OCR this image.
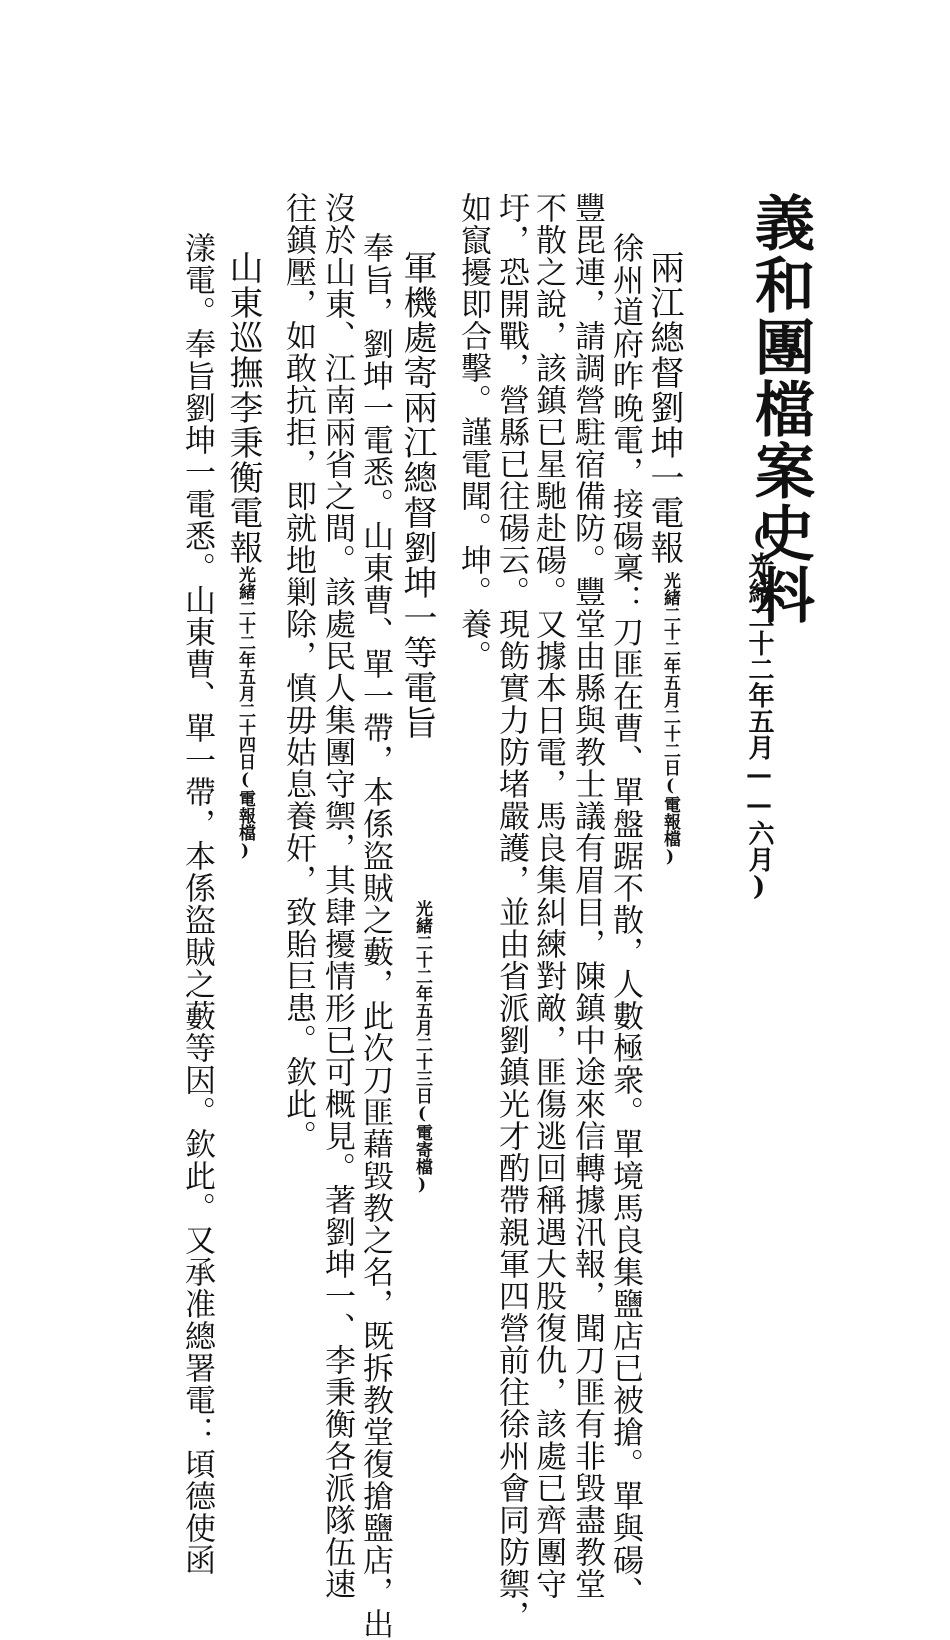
義和團檔案史料
(光緒二十二年五月——六月)
兩江總督劉坤一電報
光緒二十二年五月二十二日(電報檔)
徐州道府昨晚電，接碭稟：刀匪在曹、單盤踞不散，人數極衆。單境馬良集鹽店已被搶。單與碭、
豐毘連，請調營駐宿備防。豐堂由縣與教士議有眉目，陳鎮中途來信轉據汛報，聞刀匪有非毀盡教堂
不散之說，該鎮已星馳赴碭。又據本日電，馬良集糾練對敵，匪傷逃回稱遇大股復仇，該處已齊團守
圩，恐開戰，營縣已往碭云。現飭實力防堵嚴護，並由省派劉鎮光才酌帶親軍四營前往徐州會同防禦，
如竄擾即合擊。謹電聞。坤。養。
軍機處寄兩江總督劉坤一等電旨
光緒二十二年五月二十三日(電寄檔)
奉旨，劉坤一電悉。山東曹、單一帶，本係盜賊之藪，此次刀匪藉毀教之名，既拆教堂復搶鹽店，出
沒於山東、江南兩省之間。該處民人集團守禦，其肆擾情形已可概見。著劉坤一、李秉衡各派隊伍速
往鎮壓，如敢抗拒，即就地剿除，慎毋姑息養奸，致貽巨患。欽此。
山東巡撫李秉衡電報
光緒二十二年五月二十四日(電報檔)
漾電。奉旨劉坤一電悉。山東曹、單一帶，本係盜賊之藪等因。欽此。又承准總署電：頃德使函
